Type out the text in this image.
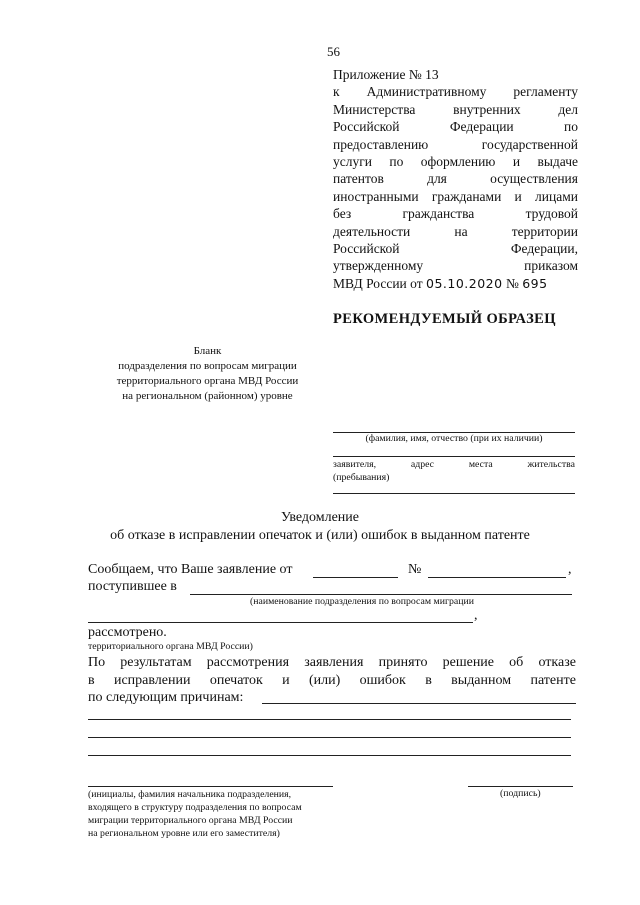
56
Приложение № 13
к Административному регламенту
Министерства	внутренних	дел
Российской	Федерации	по
предоставлению	государственной
услуги по оформлению и выдаче
патентов	для	осуществления
иностранными гражданами и лицами
без	гражданства	трудовой
деятельности	на	территории
Российской	Федерации,
утвержденному	приказом
МВД России от
05.10.2020
№
695
РЕКОМЕНДУЕМЫЙ ОБРАЗЕЦ
Бланк
подразделения по вопросам миграции
территориального органа МВД России
на региональном (районном) уровне
(фамилия, имя, отчество (при их наличии)
заявителя,	адрес	места	жительства
(пребывания)
Уведомление
об отказе в исправлении опечаток и (или) ошибок в выданном патенте
Сообщаем, что Ваше заявление от	№	,
поступившее в
(наименование подразделения по вопросам миграции
,
рассмотрено.
территориального органа МВД России)
По результатам рассмотрения заявления принято решение об отказе
в исправлении опечаток и (или) ошибок в выданном патенте
по следующим причинам:
(инициалы, фамилия начальника подразделения,
входящего в структуру подразделения по вопросам
миграции территориального органа МВД России
на региональном уровне или его заместителя)
(подпись)
